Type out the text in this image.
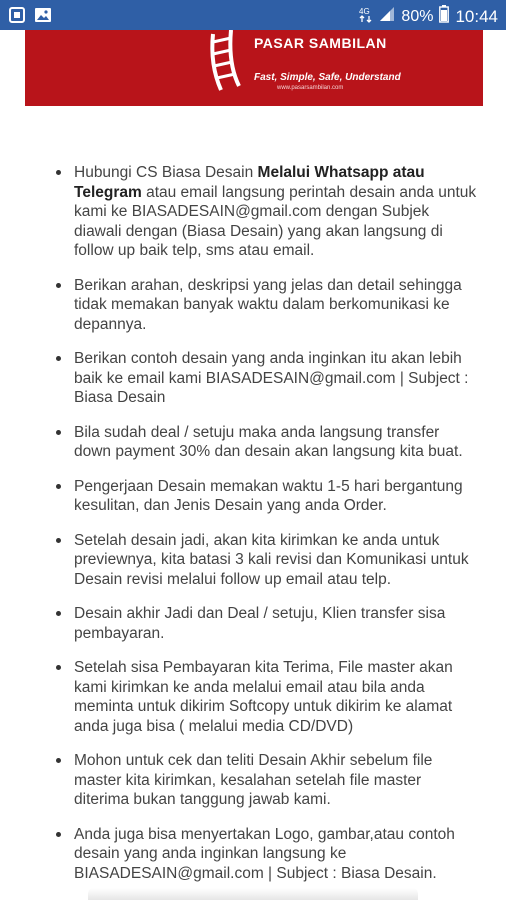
4G 80% 10:44
PASAR SAMBILAN
Fast, Simple, Safe, Understand
www.pasarsambilan.com
Hubungi CS Biasa Desain Melalui Whatsapp atau Telegram atau email langsung perintah desain anda untuk kami ke BIASADESAIN@gmail.com dengan Subjek diawali dengan (Biasa Desain) yang akan langsung di follow up baik telp, sms atau email.
Berikan arahan, deskripsi yang jelas dan detail sehingga tidak memakan banyak waktu dalam berkomunikasi ke depannya.
Berikan contoh desain yang anda inginkan itu akan lebih baik ke email kami BIASADESAIN@gmail.com | Subject : Biasa Desain
Bila sudah deal / setuju maka anda langsung transfer down payment 30% dan desain akan langsung kita buat.
Pengerjaan Desain memakan waktu 1-5 hari bergantung kesulitan, dan Jenis Desain yang anda Order.
Setelah desain jadi, akan kita kirimkan ke anda untuk previewnya, kita batasi 3 kali revisi dan Komunikasi untuk Desain revisi melalui follow up email atau telp.
Desain akhir Jadi dan Deal / setuju, Klien transfer sisa pembayaran.
Setelah sisa Pembayaran kita Terima, File master akan kami kirimkan ke anda melalui email atau bila anda meminta untuk dikirim Softcopy untuk dikirim ke alamat anda juga bisa ( melalui media CD/DVD)
Mohon untuk cek dan teliti Desain Akhir sebelum file master kita kirimkan, kesalahan setelah file master diterima bukan tanggung jawab kami.
Anda juga bisa menyertakan Logo, gambar,atau contoh desain yang anda inginkan langsung ke BIASADESAIN@gmail.com | Subject : Biasa Desain.
